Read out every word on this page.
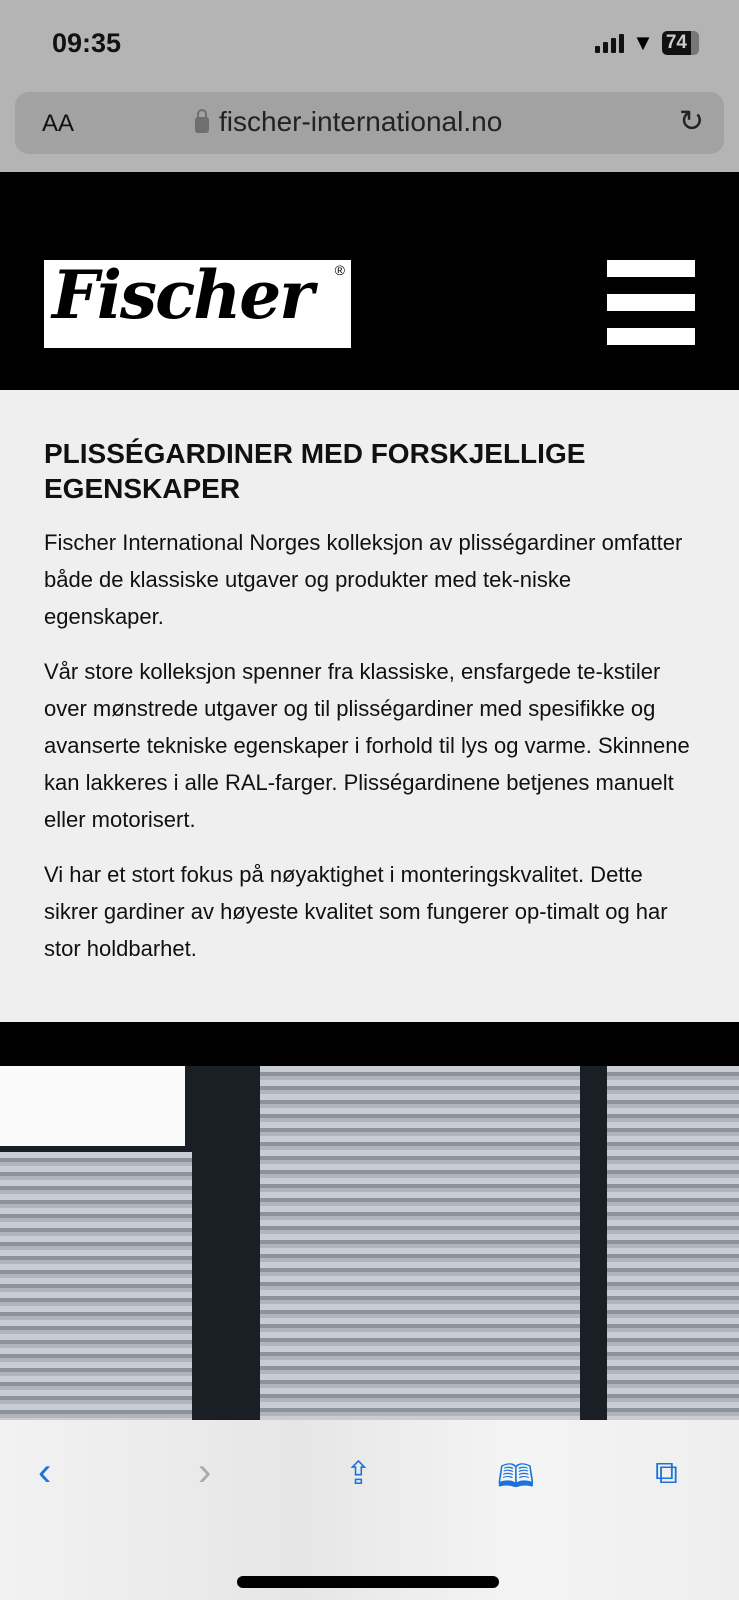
09:35	▼ 74
AA	fischer-international.no	↻
Fischer ®
PLISSÉGARDINER MED FORSKJELLIGE EGENSKAPER

Fischer International Norges kolleksjon av plisségardiner omfatter både de klassiske utgaver og produkter med tek-niske egenskaper.

Vår store kolleksjon spenner fra klassiske, ensfargede te-kstiler over mønstrede utgaver og til plisségardiner med spesifikke og avanserte tekniske egenskaper i forhold til lys og varme. Skinnene kan lakkeres i alle RAL-farger. Plisségardinene betjenes manuelt eller motorisert.

Vi har et stort fokus på nøyaktighet i monteringskvalitet. Dette sikrer gardiner av høyeste kvalitet som fungerer op-timalt og har stor holdbarhet.

‹	›	⇪	🕮	⧉
